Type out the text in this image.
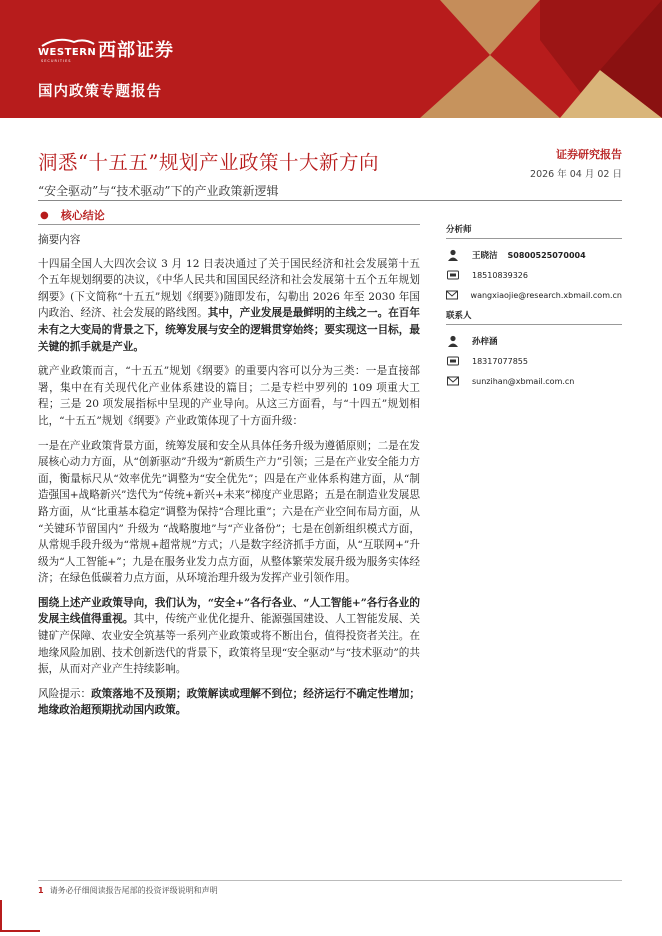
WESTERN
SECURITIES 西部证券
国内政策专题报告
洞悉“十五五”规划产业政策十大新方向	证券研究报告
2026 年 04 月 02 日
“安全驱动”与“技术驱动”下的产业政策新逻辑
● 核心结论

摘要内容

十四届全国人大四次会议 3 月 12 日表决通过了关于国民经济和社会发展第十五个五年规划纲要的决议，《中华人民共和国国民经济和社会发展第十五个五年规划纲要》(下文简称“十五五”规划《纲要》)随即发布，勾勒出 2026 年至 2030 年国内政治、经济、社会发展的路线图。其中，产业发展是最鲜明的主线之一。在百年未有之大变局的背景之下，统筹发展与安全的逻辑贯穿始终；要实现这一目标，最关键的抓手就是产业。

就产业政策而言，“十五五”规划《纲要》的重要内容可以分为三类：一是直接部署，集中在有关现代化产业体系建设的篇目；二是专栏中罗列的 109 项重大工程；三是 20 项发展指标中呈现的产业导向。从这三方面看，与“十四五”规划相比，“十五五”规划《纲要》产业政策体现了十方面升级：

一是在产业政策背景方面，统筹发展和安全从具体任务升级为遵循原则；二是在发展核心动力方面，从“创新驱动”升级为“新质生产力”引领；三是在产业安全能力方面，衡量标尺从“效率优先”调整为“安全优先”；四是在产业体系构建方面，从“制造强国+战略新兴”迭代为“传统+新兴+未来”梯度产业思路；五是在制造业发展思路方面，从“比重基本稳定”调整为保持“合理比重”；六是在产业空间布局方面，从 “关键环节留国内” 升级为 “战略腹地”与“产业备份”；七是在创新组织模式方面，从常规手段升级为“常规+超常规”方式；八是数字经济抓手方面，从“互联网+”升级为“人工智能+”；九是在服务业发力点方面，从整体繁荣发展升级为服务实体经济；在绿色低碳着力点方面，从环境治理升级为发挥产业引领作用。

围绕上述产业政策导向，我们认为，“安全+”各行各业、“人工智能+”各行各业的发展主线值得重视。其中，传统产业优化提升、能源强国建设、人工智能发展、关键矿产保障、农业安全筑基等一系列产业政策或将不断出台，值得投资者关注。在地缘风险加剧、技术创新迭代的背景下，政策将呈现“安全驱动”与“技术驱动”的共振，从而对产业产生持续影响。

风险提示：政策落地不及预期；政策解读或理解不到位；经济运行不确定性增加；地缘政治超预期扰动国内政策。

分析师
王晓洁 S0800525070004
18510839326
wangxiaojie@research.xbmail.com.cn
联系人
孙梓涵
18317077855
sunzihan@xbmail.com.cn
1 请务必仔细阅读报告尾部的投资评级说明和声明
